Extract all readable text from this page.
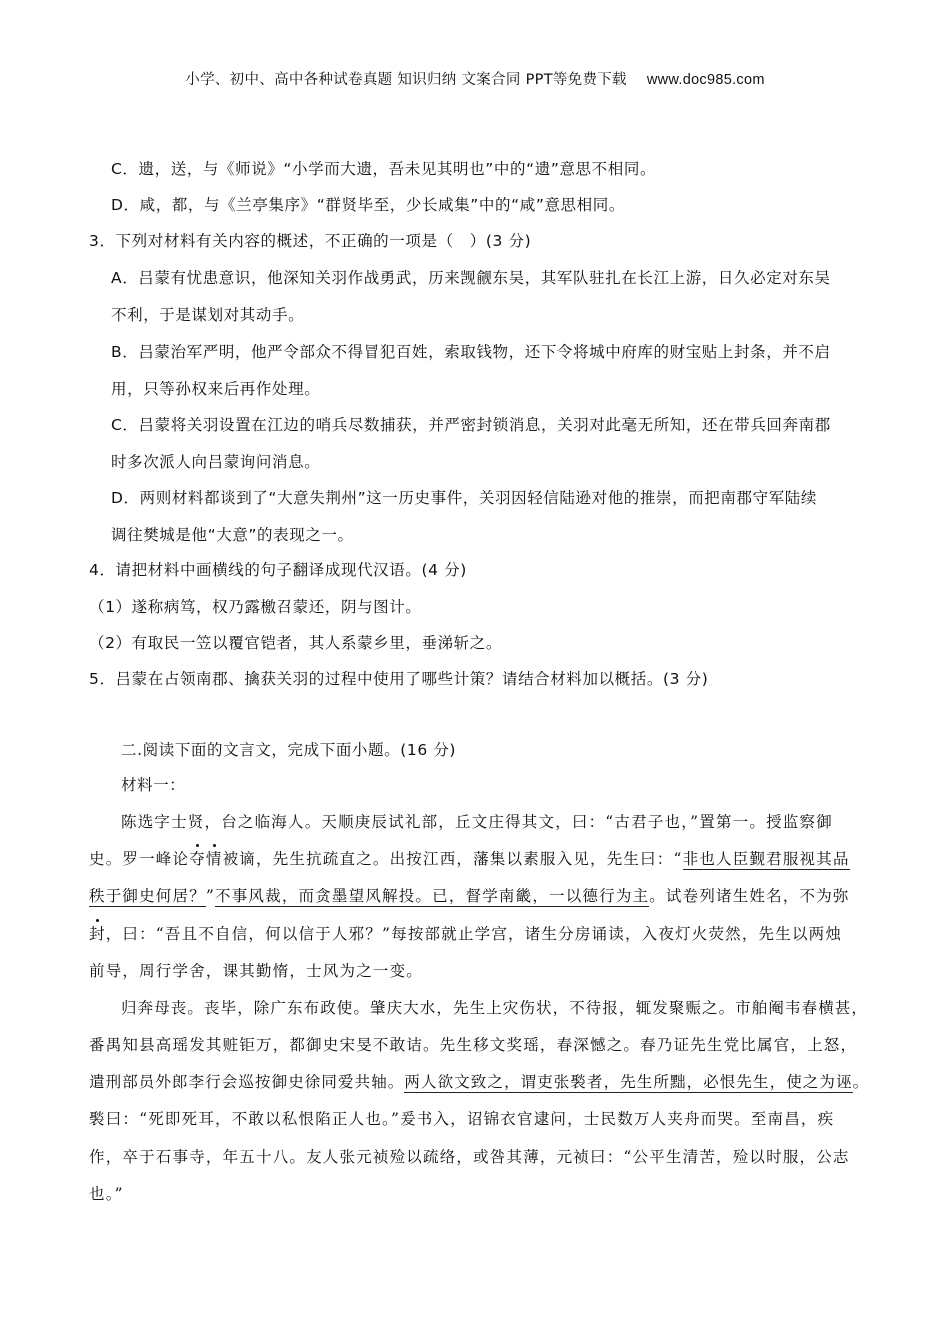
小学、初中、高中各种试卷真题 知识归纳 文案合同 PPT等免费下载 www.doc985.com
C．遗，送，与《师说》“小学而大遗，吾未见其明也”中的“遗”意思不相同。
D．咸，都，与《兰亭集序》“群贤毕至，少长咸集”中的“咸”意思相同。
3．下列对材料有关内容的概述，不正确的一项是（　）(3 分)
A．吕蒙有忧患意识，他深知关羽作战勇武，历来觊觎东吴，其军队驻扎在长江上游，日久必定对东吴
不利，于是谋划对其动手。
B．吕蒙治军严明，他严令部众不得冒犯百姓，索取钱物，还下令将城中府库的财宝贴上封条，并不启
用，只等孙权来后再作处理。
C．吕蒙将关羽设置在江边的哨兵尽数捕获，并严密封锁消息，关羽对此毫无所知，还在带兵回奔南郡
时多次派人向吕蒙询问消息。
D．两则材料都谈到了“大意失荆州”这一历史事件，关羽因轻信陆逊对他的推崇，而把南郡守军陆续
调往樊城是他“大意”的表现之一。
4．请把材料中画横线的句子翻译成现代汉语。(4 分)
（1）遂称病笃，权乃露檄召蒙还，阴与图计。
（2）有取民一笠以覆官铠者，其人系蒙乡里，垂涕斩之。
5．吕蒙在占领南郡、擒获关羽的过程中使用了哪些计策？请结合材料加以概括。(3 分)
二.阅读下面的文言文，完成下面小题。(16 分)
材料一：
陈选字士贤，台之临海人。天顺庚辰试礼部，丘文庄得其文，曰：“古君子也，”置第一。授监察御
史。罗一峰论夺情被谪，先生抗疏直之。出按江西，藩集以素服入见，先生曰：“非也人臣觐君服视其品
秩于御史何居？”不事风裁，而贪墨望风解投。已，督学南畿，一以德行为主。试卷列诸生姓名，不为弥
封，曰：“吾且不自信，何以信于人邪？”每按部就止学宫，诸生分房诵读，入夜灯火荧然，先生以两烛
前导，周行学舍，课其勤惰，士风为之一变。
归奔母丧。丧毕，除广东布政使。肇庆大水，先生上灾伤状，不待报，辄发聚赈之。市舶阉韦春横甚，
番禺知县高瑶发其赃钜万，都御史宋旻不敢诘。先生移文奖瑶，春深憾之。春乃证先生党比属官，上怒，
遣刑部员外郎李行会巡按御史徐同爱共轴。两人欲文致之，谓吏张褧者，先生所黜，必恨先生，使之为诬。
褧曰：“死即死耳，不敢以私恨陷正人也。”爰书入，诏锦衣官逮问，士民数万人夹舟而哭。至南昌，疾
作，卒于石事寺，年五十八。友人张元祯殓以疏络，或咎其薄，元祯曰：“公平生清苦，殓以时服，公志
也。”
